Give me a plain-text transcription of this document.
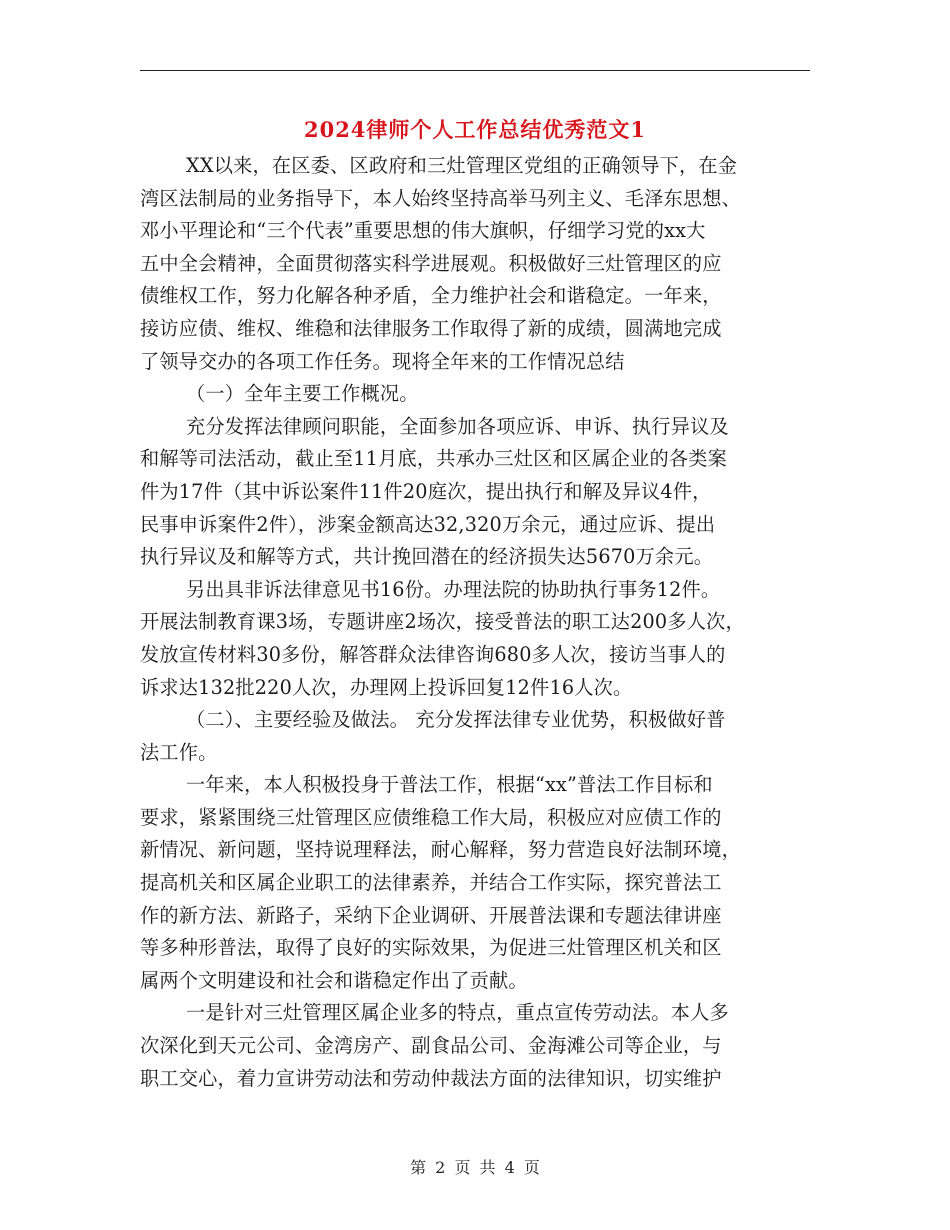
2024律师个人工作总结优秀范文1
XX以来，在区委、区政府和三灶管理区党组的正确领导下，在金
湾区法制局的业务指导下，本人始终坚持高举马列主义、毛泽东思想、
邓小平理论和“三个代表”重要思想的伟大旗帜，仔细学习党的xx大
五中全会精神，全面贯彻落实科学进展观。积极做好三灶管理区的应
债维权工作，努力化解各种矛盾，全力维护社会和谐稳定。一年来，
接访应债、维权、维稳和法律服务工作取得了新的成绩，圆满地完成
了领导交办的各项工作任务。现将全年来的工作情况总结
（一）全年主要工作概况。
充分发挥法律顾问职能，全面参加各项应诉、申诉、执行异议及
和解等司法活动，截止至11月底，共承办三灶区和区属企业的各类案
件为17件（其中诉讼案件11件20庭次，提出执行和解及异议4件，
民事申诉案件2件），涉案金额高达32,320万余元，通过应诉、提出
执行异议及和解等方式，共计挽回潜在的经济损失达5670万余元。
另出具非诉法律意见书16份。办理法院的协助执行事务12件。
开展法制教育课3场，专题讲座2场次，接受普法的职工达200多人次，
发放宣传材料30多份，解答群众法律咨询680多人次，接访当事人的
诉求达132批220人次，办理网上投诉回复12件16人次。
（二）、主要经验及做法。 充分发挥法律专业优势，积极做好普
法工作。
一年来，本人积极投身于普法工作，根据“xx”普法工作目标和
要求，紧紧围绕三灶管理区应债维稳工作大局，积极应对应债工作的
新情况、新问题，坚持说理释法，耐心解释，努力营造良好法制环境，
提高机关和区属企业职工的法律素养，并结合工作实际，探究普法工
作的新方法、新路子，采纳下企业调研、开展普法课和专题法律讲座
等多种形普法，取得了良好的实际效果，为促进三灶管理区机关和区
属两个文明建设和社会和谐稳定作出了贡献。
一是针对三灶管理区属企业多的特点，重点宣传劳动法。本人多
次深化到天元公司、金湾房产、副食品公司、金海滩公司等企业，与
职工交心，着力宣讲劳动法和劳动仲裁法方面的法律知识，切实维护
第 2 页 共 4 页
